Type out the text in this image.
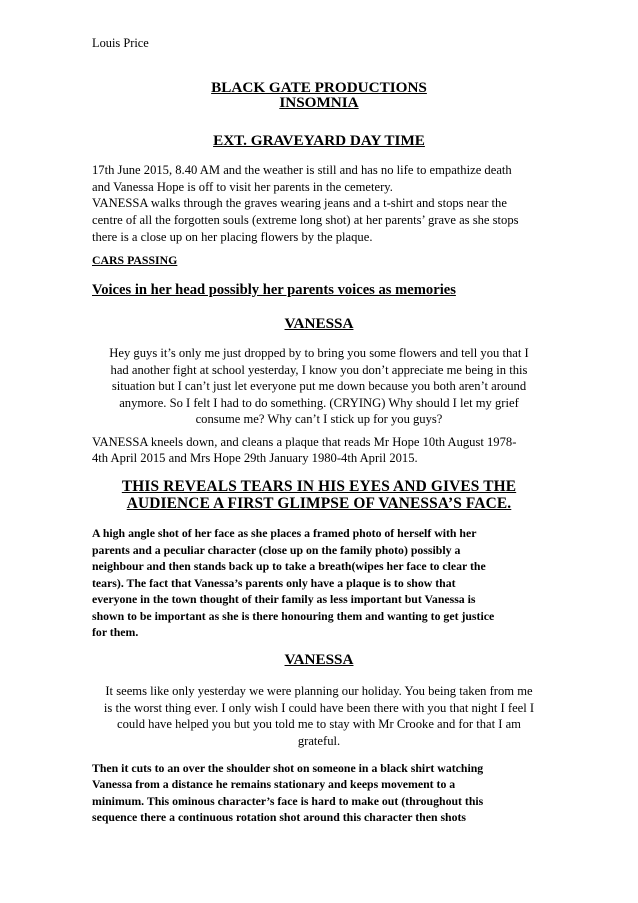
Louis Price
BLACK GATE PRODUCTIONS
INSOMNIA
EXT. GRAVEYARD DAY TIME
17th June 2015, 8.40 AM and the weather is still and has no life to empathize death
and Vanessa Hope is off to visit her parents in the cemetery.
VANESSA walks through the graves wearing jeans and a t-shirt and stops near the
centre of all the forgotten souls (extreme long shot) at her parents’ grave as she stops
there is a close up on her placing flowers by the plaque.
CARS PASSING
Voices in her head possibly her parents voices as memories
VANESSA
Hey guys it’s only me just dropped by to bring you some flowers and tell you that I
had another fight at school yesterday, I know you don’t appreciate me being in this
situation but I can’t just let everyone put me down because you both aren’t around
anymore. So I felt I had to do something. (CRYING) Why should I let my grief
consume me? Why can’t I stick up for you guys?
VANESSA kneels down, and cleans a plaque that reads Mr Hope 10th August 1978-
4th April 2015 and Mrs Hope 29th January 1980-4th April 2015.
THIS REVEALS TEARS IN HIS EYES AND GIVES THE
AUDIENCE A FIRST GLIMPSE OF VANESSA’S FACE.
A high angle shot of her face as she places a framed photo of herself with her
parents and a peculiar character (close up on the family photo) possibly a
neighbour and then stands back up to take a breath(wipes her face to clear the
tears). The fact that Vanessa’s parents only have a plaque is to show that
everyone in the town thought of their family as less important but Vanessa is
shown to be important as she is there honouring them and wanting to get justice
for them.
VANESSA
It seems like only yesterday we were planning our holiday. You being taken from me
is the worst thing ever. I only wish I could have been there with you that night I feel I
could have helped you but you told me to stay with Mr Crooke and for that I am
grateful.
Then it cuts to an over the shoulder shot on someone in a black shirt watching
Vanessa from a distance he remains stationary and keeps movement to a
minimum. This ominous character’s face is hard to make out (throughout this
sequence there a continuous rotation shot around this character then shots
